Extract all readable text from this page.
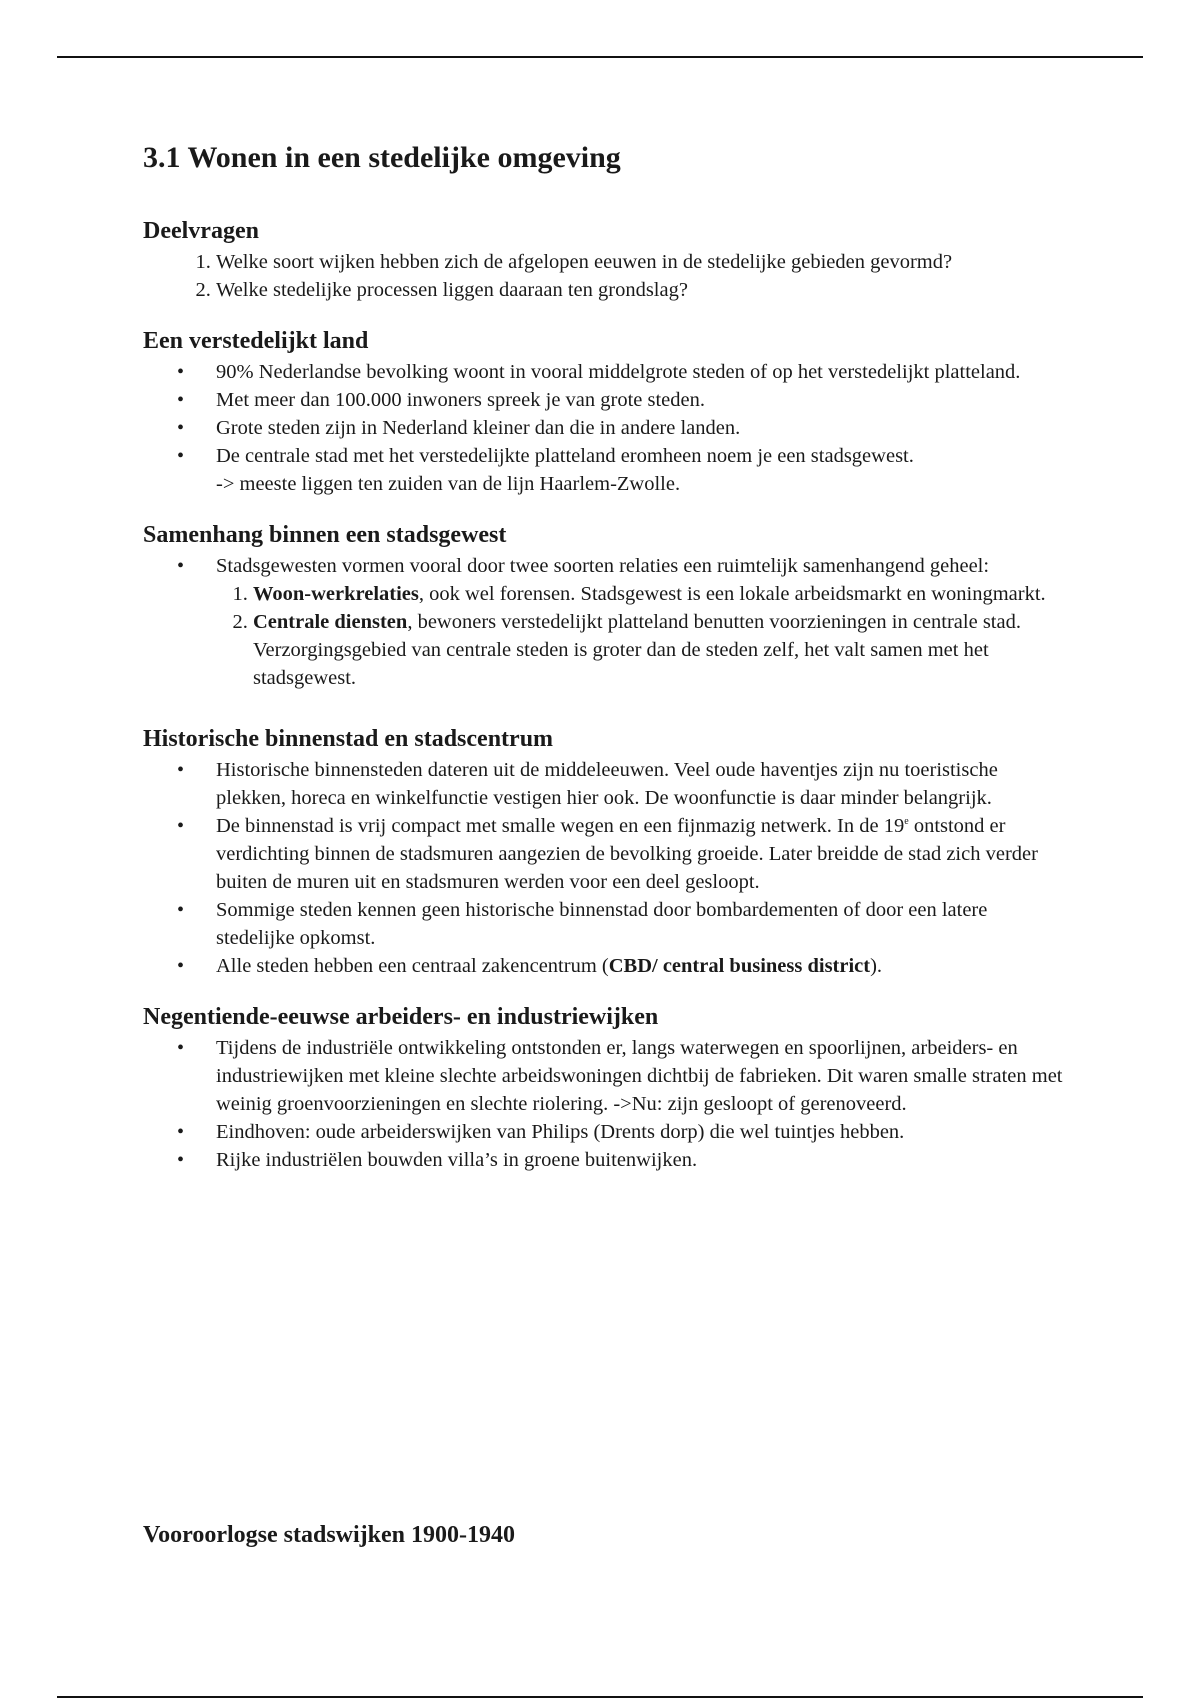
3.1 Wonen in een stedelijke omgeving
Deelvragen
1. Welke soort wijken hebben zich de afgelopen eeuwen in de stedelijke gebieden gevormd?
2. Welke stedelijke processen liggen daaraan ten grondslag?
Een verstedelijkt land
• 90% Nederlandse bevolking woont in vooral middelgrote steden of op het verstedelijkt platteland.
• Met meer dan 100.000 inwoners spreek je van grote steden.
• Grote steden zijn in Nederland kleiner dan die in andere landen.
• De centrale stad met het verstedelijkte platteland eromheen noem je een stadsgewest.
-> meeste liggen ten zuiden van de lijn Haarlem-Zwolle.
Samenhang binnen een stadsgewest
• Stadsgewesten vormen vooral door twee soorten relaties een ruimtelijk samenhangend geheel:
1. Woon-werkrelaties, ook wel forensen. Stadsgewest is een lokale arbeidsmarkt en woningmarkt.
2. Centrale diensten, bewoners verstedelijkt platteland benutten voorzieningen in centrale stad. Verzorgingsgebied van centrale steden is groter dan de steden zelf, het valt samen met het stadsgewest.
Historische binnenstad en stadscentrum
• Historische binnensteden dateren uit de middeleeuwen. Veel oude haventjes zijn nu toeristische plekken, horeca en winkelfunctie vestigen hier ook. De woonfunctie is daar minder belangrijk.
• De binnenstad is vrij compact met smalle wegen en een fijnmazig netwerk. In de 19e ontstond er verdichting binnen de stadsmuren aangezien de bevolking groeide. Later breidde de stad zich verder buiten de muren uit en stadsmuren werden voor een deel gesloopt.
• Sommige steden kennen geen historische binnenstad door bombardementen of door een latere stedelijke opkomst.
• Alle steden hebben een centraal zakencentrum (CBD/ central business district).
Negentiende-eeuwse arbeiders- en industriewijken
• Tijdens de industriële ontwikkeling ontstonden er, langs waterwegen en spoorlijnen, arbeiders- en industriewijken met kleine slechte arbeidswoningen dichtbij de fabrieken. Dit waren smalle straten met weinig groenvoorzieningen en slechte riolering. ->Nu: zijn gesloopt of gerenoveerd.
• Eindhoven: oude arbeiderswijken van Philips (Drents dorp) die wel tuintjes hebben.
• Rijke industriëlen bouwden villa’s in groene buitenwijken.
Vooroorlogse stadswijken 1900-1940
